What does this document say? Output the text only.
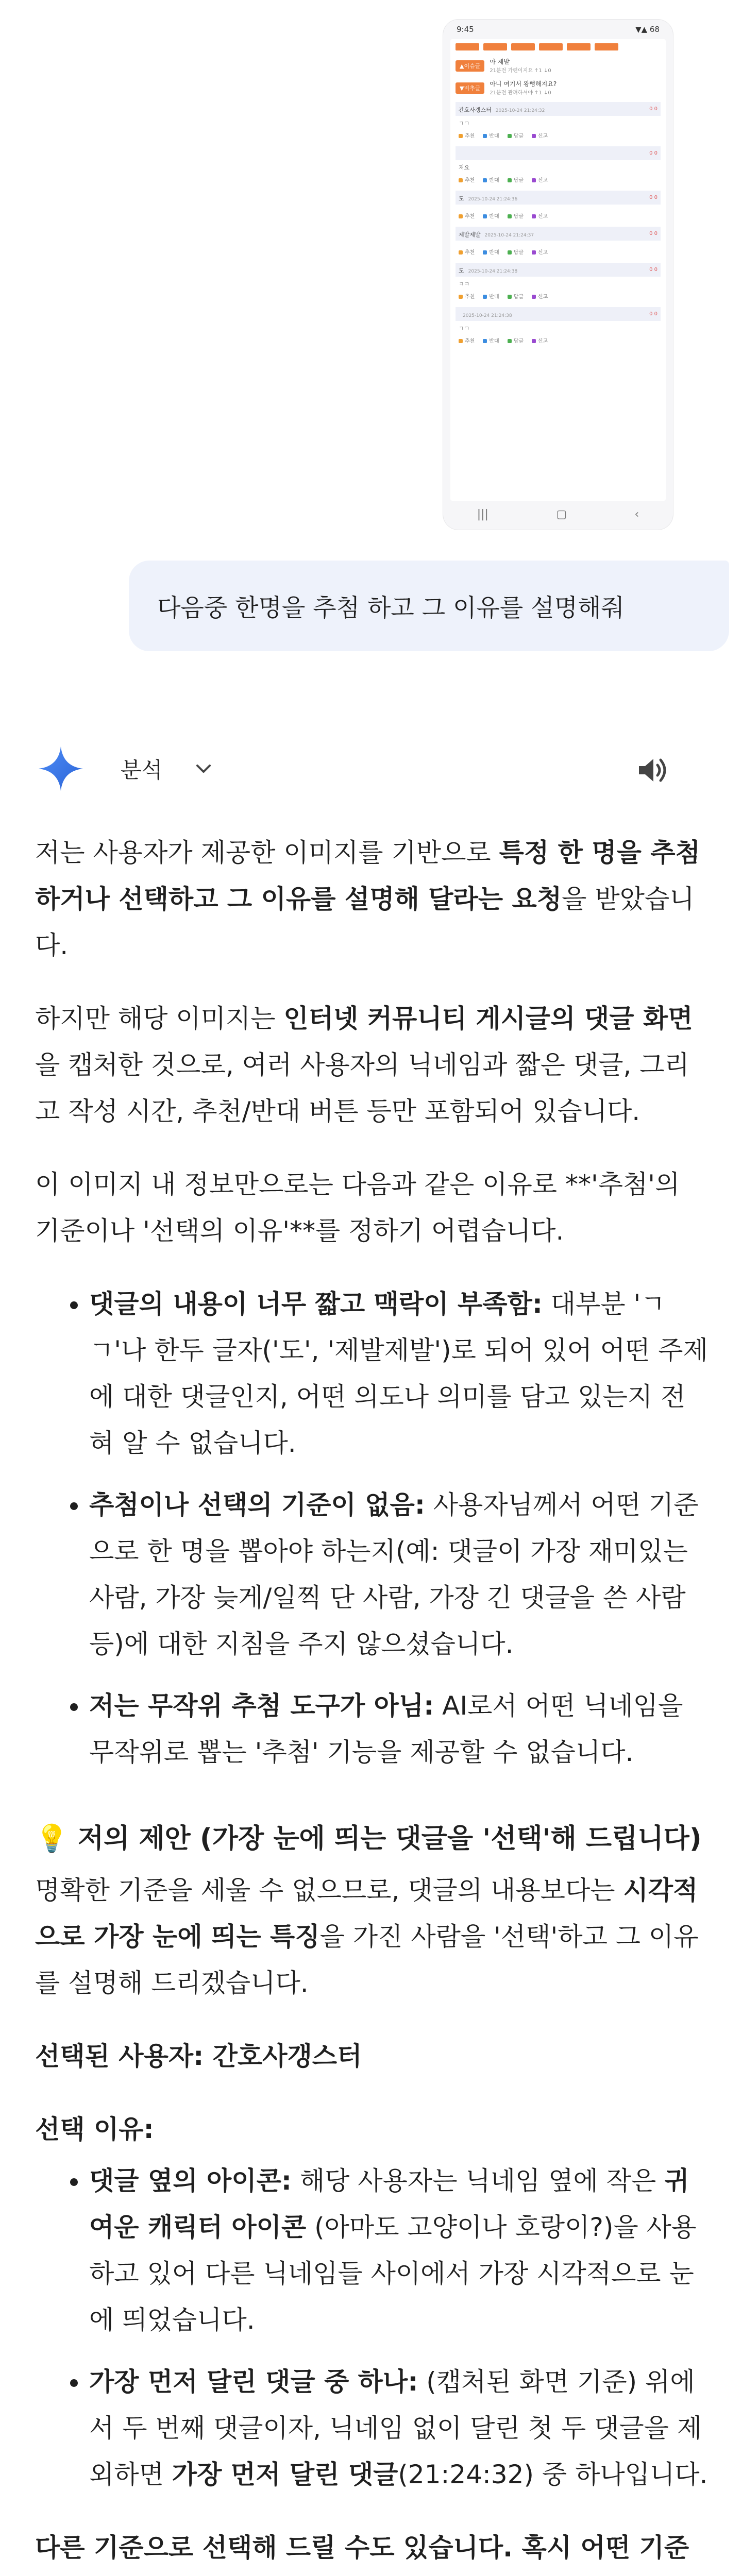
9:45	▼▲ 68
▲이슈글
아 제발
21분전 가련이지요 ↑1 ↓0
▼비추글
아니 여기서 왕뻥해지요?
21분전 관려하셔야 ↑1 ↓0
간호사갱스터 2025-10-24 21:24:32	0 0
ㄱㄱ
추천	반대	답글	신고
0 0
저요
추천	반대	답글	신고
도 2025-10-24 21:24:36	0 0
추천	반대	답글	신고
제발제발 2025-10-24 21:24:37	0 0
추천	반대	답글	신고
도 2025-10-24 21:24:38	0 0
ㅋㅋ
추천	반대	답글	신고
2025-10-24 21:24:38	0 0
ㄱㄱ
추천	반대	답글	신고
|||	▢	‹
다음중 한명을 추첨 하고 그 이유를 설명해줘
분석

저는 사용자가 제공한 이미지를 기반으로 특정 한 명을 추첨하거나 선택하고 그 이유를 설명해 달라는 요청을 받았습니다.

하지만 해당 이미지는 인터넷 커뮤니티 게시글의 댓글 화면을 캡처한 것으로, 여러 사용자의 닉네임과 짧은 댓글, 그리고 작성 시간, 추천/반대 버튼 등만 포함되어 있습니다.

이 이미지 내 정보만으로는 다음과 같은 이유로 **'추첨'의 기준이나 '선택의 이유'**를 정하기 어렵습니다.

• 댓글의 내용이 너무 짧고 맥락이 부족함: 대부분 'ㄱㄱ'나 한두 글자('도', '제발제발')로 되어 있어 어떤 주제에 대한 댓글인지, 어떤 의도나 의미를 담고 있는지 전혀 알 수 없습니다.
• 추첨이나 선택의 기준이 없음: 사용자님께서 어떤 기준으로 한 명을 뽑아야 하는지(예: 댓글이 가장 재미있는 사람, 가장 늦게/일찍 단 사람, 가장 긴 댓글을 쓴 사람 등)에 대한 지침을 주지 않으셨습니다.
• 저는 무작위 추첨 도구가 아님: AI로서 어떤 닉네임을 무작위로 뽑는 '추첨' 기능을 제공할 수 없습니다.
💡 저의 제안 (가장 눈에 띄는 댓글을 '선택'해 드립니다)

명확한 기준을 세울 수 없으므로, 댓글의 내용보다는 시각적으로 가장 눈에 띄는 특징을 가진 사람을 '선택'하고 그 이유를 설명해 드리겠습니다.

선택된 사용자: 간호사갱스터

선택 이유:

• 댓글 옆의 아이콘: 해당 사용자는 닉네임 옆에 작은 귀여운 캐릭터 아이콘 (아마도 고양이나 호랑이?)을 사용하고 있어 다른 닉네임들 사이에서 가장 시각적으로 눈에 띄었습니다.
• 가장 먼저 달린 댓글 중 하나: (캡처된 화면 기준) 위에서 두 번째 댓글이자, 닉네임 없이 달린 첫 두 댓글을 제외하면 가장 먼저 달린 댓글(21:24:32) 중 하나입니다.

다른 기준으로 선택해 드릴 수도 있습니다. 혹시 어떤 기준
